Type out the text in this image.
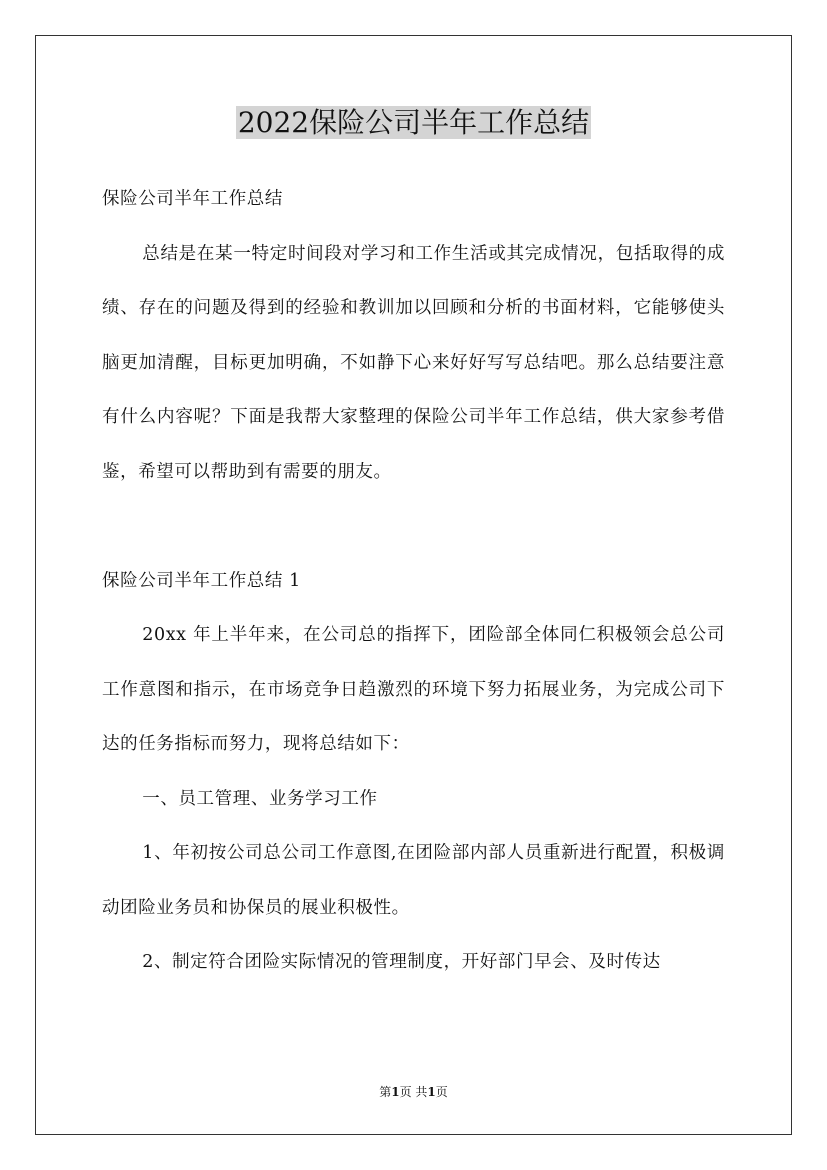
2022保险公司半年工作总结

保险公司半年工作总结

总结是在某一特定时间段对学习和工作生活或其完成情况，包括取得的成绩、存在的问题及得到的经验和教训加以回顾和分析的书面材料，它能够使头脑更加清醒，目标更加明确，不如静下心来好好写写总结吧。那么总结要注意有什么内容呢？下面是我帮大家整理的保险公司半年工作总结，供大家参考借鉴，希望可以帮助到有需要的朋友。

保险公司半年工作总结 1

20xx 年上半年来，在公司总的指挥下，团险部全体同仁积极领会总公司工作意图和指示，在市场竞争日趋激烈的环境下努力拓展业务，为完成公司下达的任务指标而努力，现将总结如下：

一、员工管理、业务学习工作

1、年初按公司总公司工作意图,在团险部内部人员重新进行配置，积极调动团险业务员和协保员的展业积极性。

2、制定符合团险实际情况的管理制度，开好部门早会、及时传达

第1页 共1页
